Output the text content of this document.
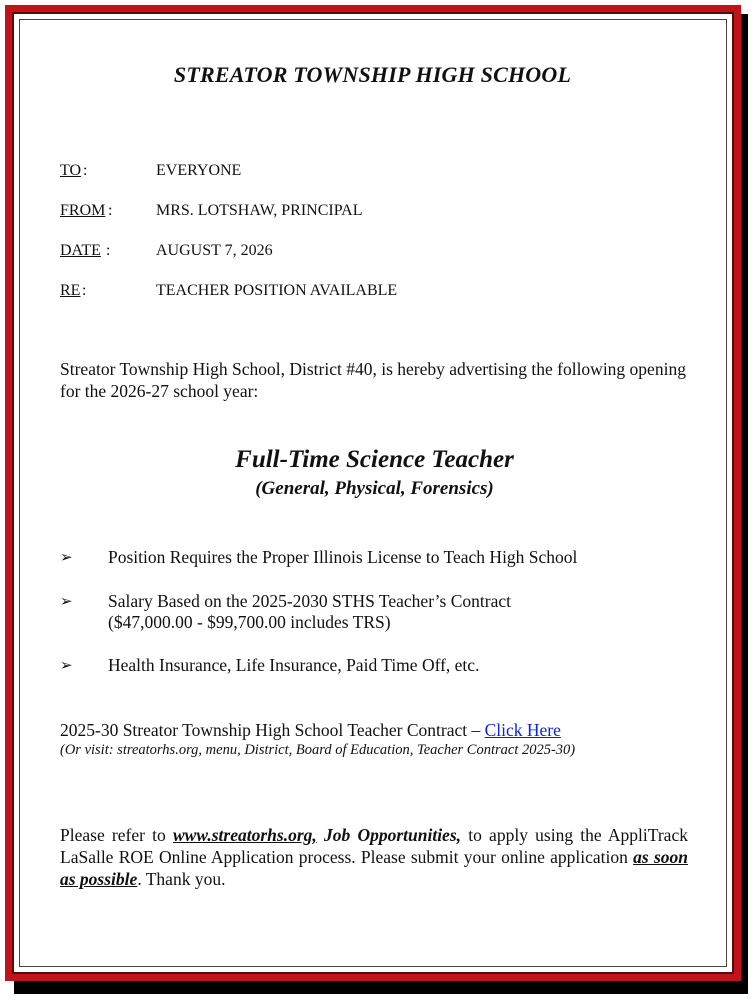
STREATOR TOWNSHIP HIGH SCHOOL
TO :	EVERYONE
FROM :	MRS. LOTSHAW, PRINCIPAL
DATE :	AUGUST 7, 2026
RE :	TEACHER POSITION AVAILABLE
Streator Township High School, District #40, is hereby advertising the following opening for the 2026-27 school year:
Full-Time Science Teacher
(General, Physical, Forensics)
➢ Position Requires the Proper Illinois License to Teach High School
➢ Salary Based on the 2025-2030 STHS Teacher’s Contract
($47,000.00 - $99,700.00 includes TRS)
➢ Health Insurance, Life Insurance, Paid Time Off, etc.
2025-30 Streator Township High School Teacher Contract – Click Here
(Or visit: streatorhs.org, menu, District, Board of Education, Teacher Contract 2025-30)
Please refer to www.streatorhs.org, Job Opportunities, to apply using the AppliTrack LaSalle ROE Online Application process. Please submit your online application as soon as possible. Thank you.
